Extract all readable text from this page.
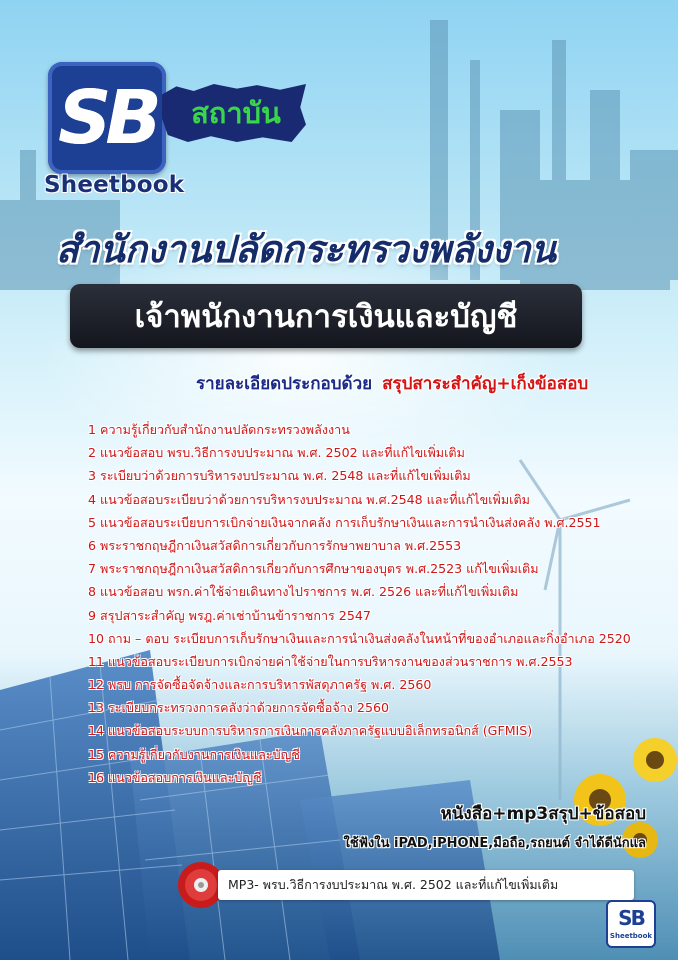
SB
Sheetbook
สถาบัน
สำนักงานปลัดกระทรวงพลังงาน
เจ้าพนักงานการเงินและบัญชี
รายละเอียดประกอบด้วย สรุปสาระสำคัญ+เก็งข้อสอบ
1 ความรู้เกี่ยวกับสำนักงานปลัดกระทรวงพลังงาน
2 แนวข้อสอบ พรบ.วิธีการงบประมาณ พ.ศ. 2502 และที่แก้ไขเพิ่มเติม
3 ระเบียบว่าด้วยการบริหารงบประมาณ พ.ศ. 2548 และที่แก้ไขเพิ่มเติม
4 แนวข้อสอบระเบียบว่าด้วยการบริหารงบประมาณ พ.ศ.2548 และที่แก้ไขเพิ่มเติม
5 แนวข้อสอบระเบียบการเบิกจ่ายเงินจากคลัง การเก็บรักษาเงินและการนำเงินส่งคลัง พ.ศ.2551
6 พระราชกฤษฎีกาเงินสวัสดิการเกี่ยวกับการรักษาพยาบาล พ.ศ.2553
7 พระราชกฤษฎีกาเงินสวัสดิการเกี่ยวกับการศึกษาของบุตร พ.ศ.2523 แก้ไขเพิ่มเติม
8 แนวข้อสอบ พรก.ค่าใช้จ่ายเดินทางไปราชการ พ.ศ. 2526 และที่แก้ไขเพิ่มเติม
9 สรุปสาระสำคัญ พรฎ.ค่าเช่าบ้านข้าราชการ 2547
10 ถาม – ตอบ ระเบียบการเก็บรักษาเงินและการนำเงินส่งคลังในหน้าที่ของอำเภอและกิ่งอำเภอ 2520
11 แนวข้อสอบระเบียบการเบิกจ่ายค่าใช้จ่ายในการบริหารงานของส่วนราชการ พ.ศ.2553
12 พรบ การจัดซื้อจัดจ้างและการบริหารพัสดุภาครัฐ พ.ศ. 2560
13 ระเบียบกระทรวงการคลังว่าด้วยการจัดซื้อจ้าง 2560
14 แนวข้อสอบระบบการบริหารการเงินการคลังภาครัฐแบบอิเล็กทรอนิกส์ (GFMIS)
15 ความรู้เกี่ยวกับงานการเงินและบัญชี
16 แนวข้อสอบการเงินและบัญชี
หนังสือ+mp3สรุป+ข้อสอบ
ใช้ฟังใน iPAD,iPHONE,มือถือ,รถยนต์ จำได้ดีนักแล
MP3- พรบ.วิธีการงบประมาณ พ.ศ. 2502 และที่แก้ไขเพิ่มเติม
SB
Sheetbook
